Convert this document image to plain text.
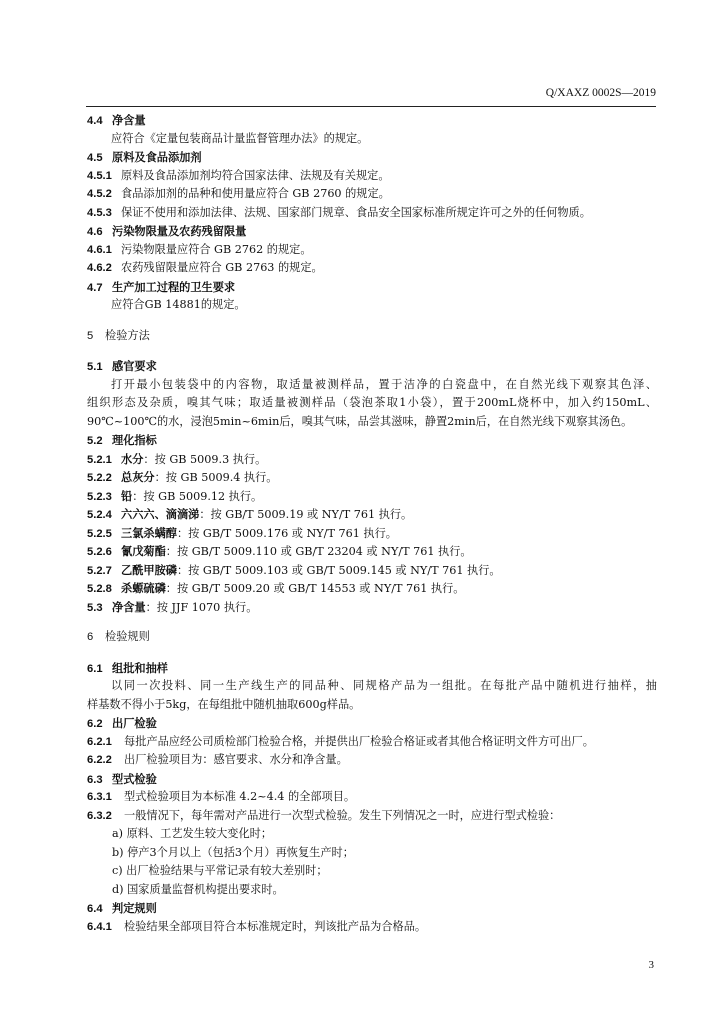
Q/XAXZ 0002S—2019
4.4 净含量
应符合《定量包装商品计量监督管理办法》的规定。
4.5 原料及食品添加剂
4.5.1 原料及食品添加剂均符合国家法律、法规及有关规定。
4.5.2 食品添加剂的品种和使用量应符合 GB 2760 的规定。
4.5.3 保证不使用和添加法律、法规、国家部门规章、食品安全国家标准所规定许可之外的任何物质。
4.6 污染物限量及农药残留限量
4.6.1 污染物限量应符合 GB 2762 的规定。
4.6.2 农药残留限量应符合 GB 2763 的规定。
4.7 生产加工过程的卫生要求
应符合GB 14881的规定。
5 检验方法
5.1 感官要求
打开最小包装袋中的内容物，取适量被测样品，置于洁净的白瓷盘中，在自然光线下观察其色泽、
组织形态及杂质，嗅其气味；取适量被测样品（袋泡茶取1小袋），置于200mL烧杯中，加入约150mL、
90℃~100℃的水，浸泡5min~6min后，嗅其气味，品尝其滋味，静置2min后，在自然光线下观察其汤色。
5.2 理化指标
5.2.1 水分：按 GB 5009.3 执行。
5.2.2 总灰分：按 GB 5009.4 执行。
5.2.3 铅：按 GB 5009.12 执行。
5.2.4 六六六、滴滴涕：按 GB/T 5009.19 或 NY/T 761 执行。
5.2.5 三氯杀螨醇：按 GB/T 5009.176 或 NY/T 761 执行。
5.2.6 氰戊菊酯：按 GB/T 5009.110 或 GB/T 23204 或 NY/T 761 执行。
5.2.7 乙酰甲胺磷：按 GB/T 5009.103 或 GB/T 5009.145 或 NY/T 761 执行。
5.2.8 杀螈硫磷：按 GB/T 5009.20 或 GB/T 14553 或 NY/T 761 执行。
5.3 净含量：按 JJF 1070 执行。
6 检验规则
6.1 组批和抽样
以同一次投料、同一生产线生产的同品种、同规格产品为一组批。在每批产品中随机进行抽样，抽
样基数不得小于5kg，在每组批中随机抽取600g样品。
6.2 出厂检验
6.2.1 每批产品应经公司质检部门检验合格，并提供出厂检验合格证或者其他合格证明文件方可出厂。
6.2.2 出厂检验项目为：感官要求、水分和净含量。
6.3 型式检验
6.3.1 型式检验项目为本标准 4.2~4.4 的全部项目。
6.3.2 一般情况下，每年需对产品进行一次型式检验。发生下列情况之一时，应进行型式检验：
a) 原料、工艺发生较大变化时；
b) 停产3个月以上（包括3个月）再恢复生产时；
c) 出厂检验结果与平常记录有较大差别时；
d) 国家质量监督机构提出要求时。
6.4 判定规则
6.4.1 检验结果全部项目符合本标准规定时，判该批产品为合格品。
3
